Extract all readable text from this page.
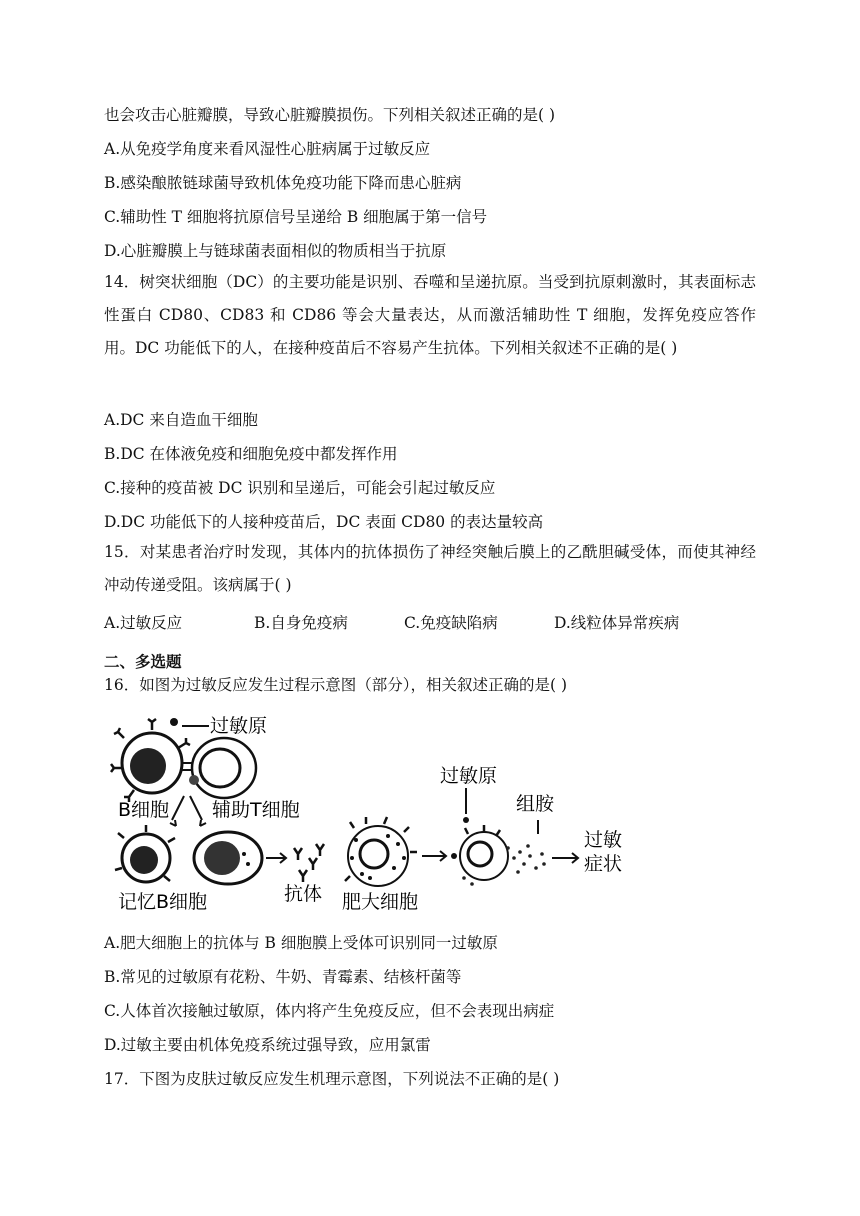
也会攻击心脏瓣膜，导致心脏瓣膜损伤。下列相关叙述正确的是( )
A.从免疫学角度来看风湿性心脏病属于过敏反应
B.感染酿脓链球菌导致机体免疫功能下降而患心脏病
C.辅助性 T 细胞将抗原信号呈递给 B 细胞属于第一信号
D.心脏瓣膜上与链球菌表面相似的物质相当于抗原
14．树突状细胞（DC）的主要功能是识别、吞噬和呈递抗原。当受到抗原刺激时，其表面标志性蛋白 CD80、CD83 和 CD86 等会大量表达，从而激活辅助性 T 细胞，发挥免疫应答作用。DC 功能低下的人，在接种疫苗后不容易产生抗体。下列相关叙述不正确的是( )
A.DC 来自造血干细胞
B.DC 在体液免疫和细胞免疫中都发挥作用
C.接种的疫苗被 DC 识别和呈递后，可能会引起过敏反应
D.DC 功能低下的人接种疫苗后，DC 表面 CD80 的表达量较高
15．对某患者治疗时发现，其体内的抗体损伤了神经突触后膜上的乙酰胆碱受体，而使其神经冲动传递受阻。该病属于( )
A.过敏反应	B.自身免疫病	C.免疫缺陷病	D.线粒体异常疾病
二、多选题
16．如图为过敏反应发生过程示意图（部分），相关叙述正确的是( )
过敏原
B细胞 辅助T细胞
记忆B细胞	抗体 肥大细胞
过敏原
组胺
过敏
症状
A.肥大细胞上的抗体与 B 细胞膜上受体可识别同一过敏原
B.常见的过敏原有花粉、牛奶、青霉素、结核杆菌等
C.人体首次接触过敏原，体内将产生免疫反应，但不会表现出病症
D.过敏主要由机体免疫系统过强导致，应用氯雷
17．下图为皮肤过敏反应发生机理示意图，下列说法不正确的是( )
